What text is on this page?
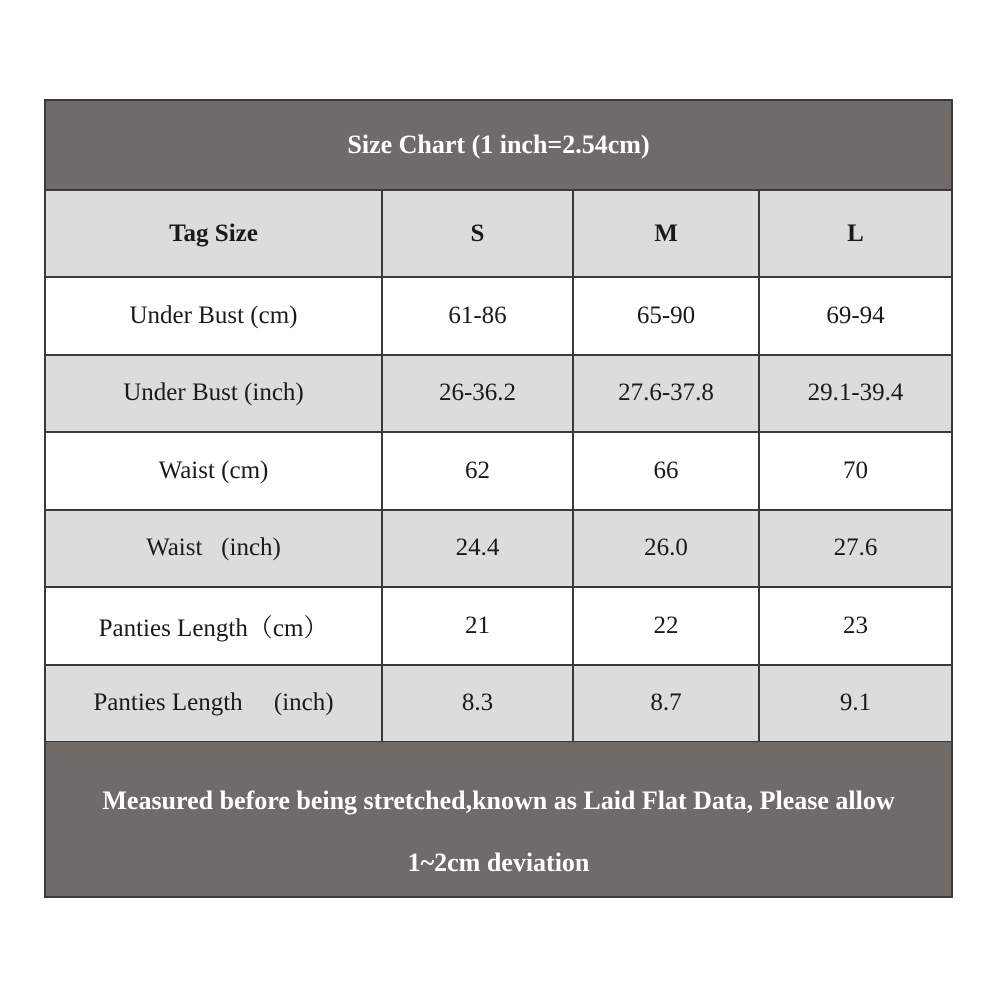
Size Chart (1 inch=2.54cm)
Tag Size	S	M	L
Under Bust (cm)	61-86	65-90	69-94
Under Bust (inch)	26-36.2	27.6-37.8	29.1-39.4
Waist (cm)	62	66	70
Waist   (inch)	24.4	26.0	27.6
Panties Length（cm）	21	22	23
Panties Length     (inch)	8.3	8.7	9.1
Measured before being stretched,known as Laid Flat Data, Please allow
1~2cm deviation
